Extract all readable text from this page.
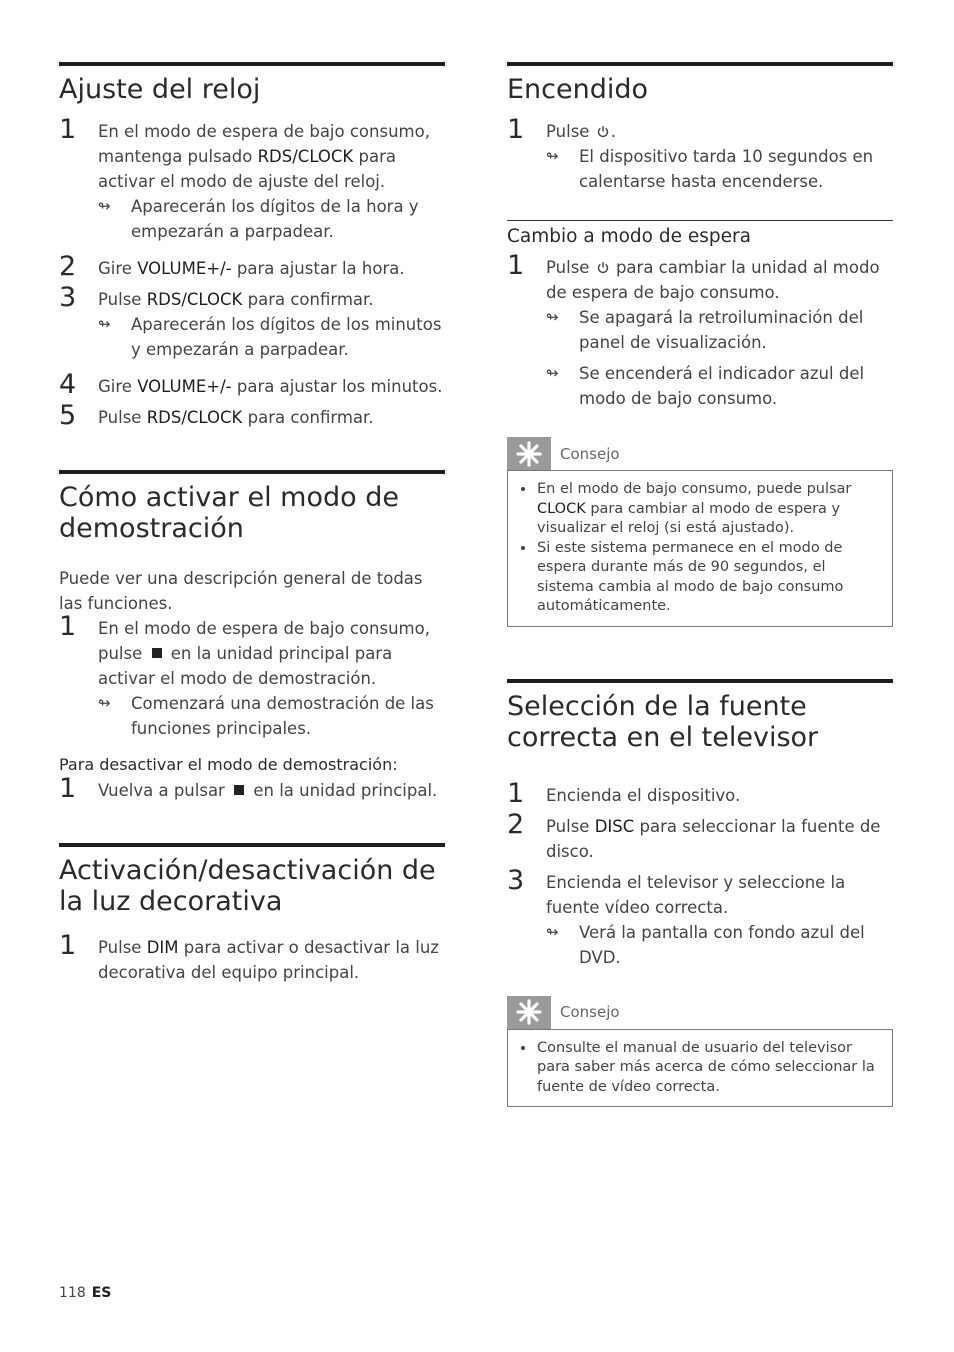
Ajuste del reloj
1 En el modo de espera de bajo consumo, mantenga pulsado RDS/CLOCK para activar el modo de ajuste del reloj.
↬ Aparecerán los dígitos de la hora y empezarán a parpadear.
2 Gire VOLUME+/- para ajustar la hora.
3 Pulse RDS/CLOCK para confirmar.
↬ Aparecerán los dígitos de los minutos y empezarán a parpadear.
4 Gire VOLUME+/- para ajustar los minutos.
5 Pulse RDS/CLOCK para confirmar.
Cómo activar el modo de demostración

Puede ver una descripción general de todas las funciones.

1 En el modo de espera de bajo consumo, pulse  en la unidad principal para activar el modo de demostración.
↬ Comenzará una demostración de las funciones principales.
Para desactivar el modo de demostración:
1 Vuelva a pulsar  en la unidad principal.
Activación/desactivación de la luz decorativa
1 Pulse DIM para activar o desactivar la luz decorativa del equipo principal.
Encendido
1 Pulse .
↬ El dispositivo tarda 10 segundos en calentarse hasta encenderse.
Cambio a modo de espera
1 Pulse  para cambiar la unidad al modo de espera de bajo consumo.
↬ Se apagará la retroiluminación del panel de visualización.
↬ Se encenderá el indicador azul del modo de bajo consumo.
Consejo
• En el modo de bajo consumo, puede pulsar CLOCK para cambiar al modo de espera y visualizar el reloj (si está ajustado).
• Si este sistema permanece en el modo de espera durante más de 90 segundos, el sistema cambia al modo de bajo consumo automáticamente.
Selección de la fuente correcta en el televisor
1 Encienda el dispositivo.
2 Pulse DISC para seleccionar la fuente de disco.
3 Encienda el televisor y seleccione la fuente vídeo correcta.
↬ Verá la pantalla con fondo azul del DVD.
Consejo
• Consulte el manual de usuario del televisor para saber más acerca de cómo seleccionar la fuente de vídeo correcta.
118 ES
